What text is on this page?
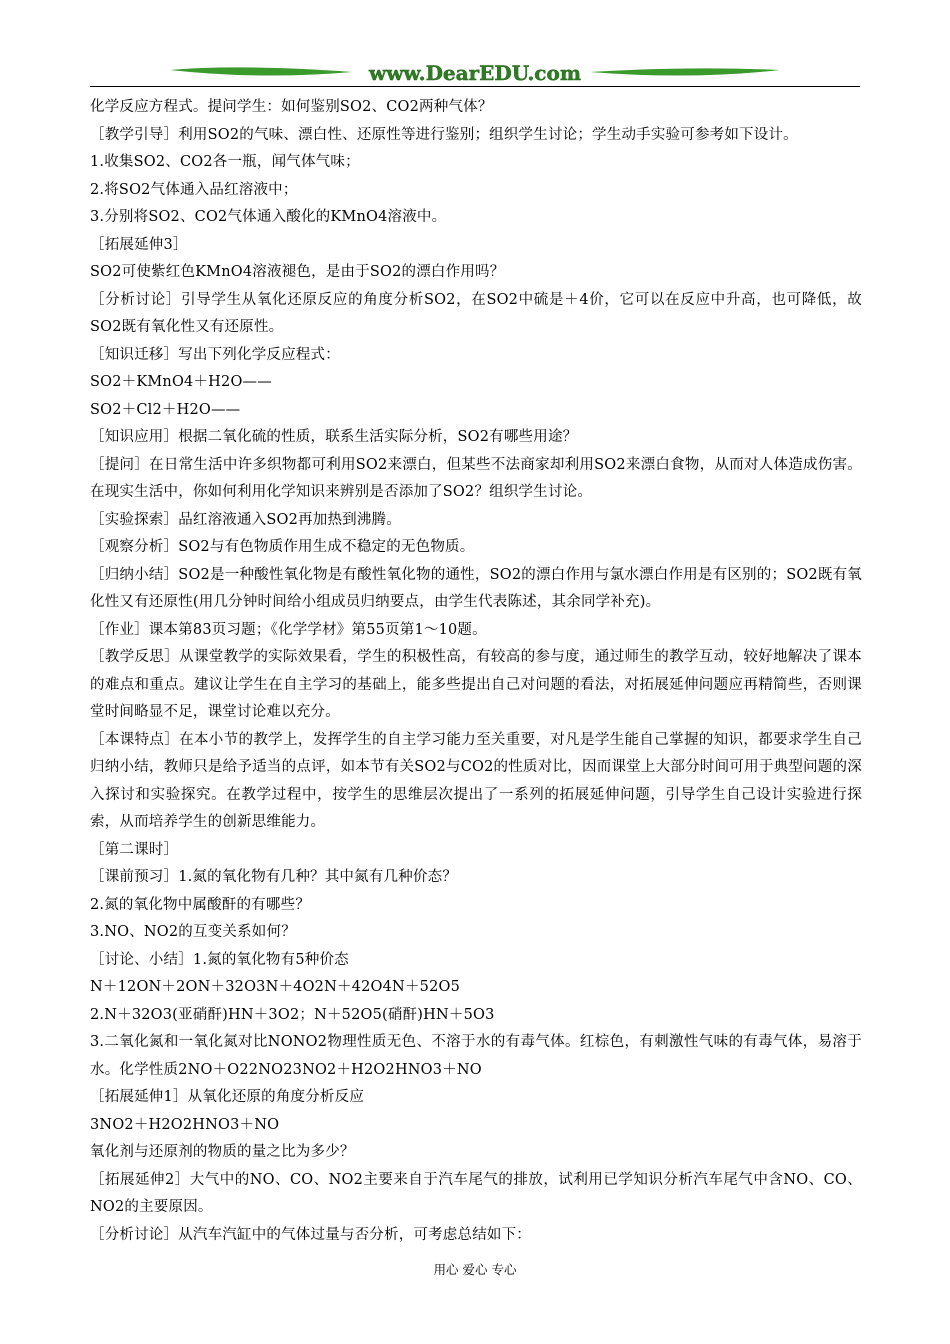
www.DearEDU.com

化学反应方程式。提问学生：如何鉴别SO2、CO2两种气体？

［教学引导］利用SO2的气味、漂白性、还原性等进行鉴别；组织学生讨论；学生动手实验可参考如下设计。

1.收集SO2、CO2各一瓶，闻气体气味；

2.将SO2气体通入品红溶液中；

3.分别将SO2、CO2气体通入酸化的KMnO4溶液中。

［拓展延伸3］

SO2可使紫红色KMnO4溶液褪色，是由于SO2的漂白作用吗？

［分析讨论］引导学生从氧化还原反应的角度分析SO2，在SO2中硫是＋4价，它可以在反应中升高，也可降低，故SO2既有氧化性又有还原性。

［知识迁移］写出下列化学反应程式：

SO2＋KMnO4＋H2O——

SO2＋Cl2＋H2O——

［知识应用］根据二氧化硫的性质，联系生活实际分析，SO2有哪些用途？

［提问］在日常生活中许多织物都可利用SO2来漂白，但某些不法商家却利用SO2来漂白食物，从而对人体造成伤害。在现实生活中，你如何利用化学知识来辨别是否添加了SO2？组织学生讨论。

［实验探索］品红溶液通入SO2再加热到沸腾。

［观察分析］SO2与有色物质作用生成不稳定的无色物质。

［归纳小结］SO2是一种酸性氧化物是有酸性氧化物的通性，SO2的漂白作用与氯水漂白作用是有区别的；SO2既有氧化性又有还原性(用几分钟时间给小组成员归纳要点，由学生代表陈述，其余同学补充)。

［作业］课本第83页习题；《化学学材》第55页第1～10题。

［教学反思］从课堂教学的实际效果看，学生的积极性高，有较高的参与度，通过师生的教学互动，较好地解决了课本的难点和重点。建议让学生在自主学习的基础上，能多些提出自己对问题的看法，对拓展延伸问题应再精简些，否则课堂时间略显不足，课堂讨论难以充分。

［本课特点］在本小节的教学上，发挥学生的自主学习能力至关重要，对凡是学生能自己掌握的知识，都要求学生自己归纳小结，教师只是给予适当的点评，如本节有关SO2与CO2的性质对比，因而课堂上大部分时间可用于典型问题的深入探讨和实验探究。在教学过程中，按学生的思维层次提出了一系列的拓展延伸问题，引导学生自己设计实验进行探索，从而培养学生的创新思维能力。

［第二课时］

［课前预习］1.氮的氧化物有几种？其中氮有几种价态？

2.氮的氧化物中属酸酐的有哪些？

3.NO、NO2的互变关系如何？

［讨论、小结］1.氮的氧化物有5种价态

N＋12ON＋2ON＋32O3N＋4O2N＋42O4N＋52O5

2.N＋32O3(亚硝酐)HN＋3O2；N＋52O5(硝酐)HN＋5O3

3.二氧化氮和一氧化氮对比NONO2物理性质无色、不溶于水的有毒气体。红棕色，有刺激性气味的有毒气体，易溶于水。化学性质2NO＋O22NO23NO2＋H2O2HNO3＋NO

［拓展延伸1］从氧化还原的角度分析反应

3NO2＋H2O2HNO3＋NO

氧化剂与还原剂的物质的量之比为多少？

［拓展延伸2］大气中的NO、CO、NO2主要来自于汽车尾气的排放，试利用已学知识分析汽车尾气中含NO、CO、NO2的主要原因。

［分析讨论］从汽车汽缸中的气体过量与否分析，可考虑总结如下：

用心 爱心 专心
